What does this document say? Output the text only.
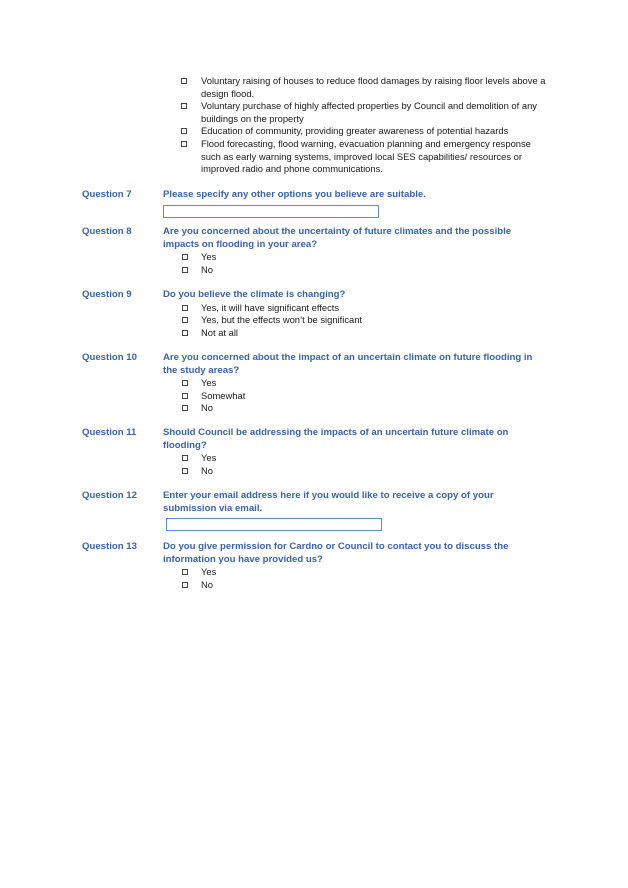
Voluntary raising of houses to reduce flood damages by raising floor levels above a design flood.
Voluntary purchase of highly affected properties by Council and demolition of any buildings on the property
Education of community, providing greater awareness of potential hazards
Flood forecasting, flood warning, evacuation planning and emergency response such as early warning systems, improved local SES capabilities/ resources or improved radio and phone communications.
Question 7	Please specify any other options you believe are suitable.

Question 8	Are you concerned about the uncertainty of future climates and the possible impacts on flooding in your area?

Yes
No
Question 9	Do you believe the climate is changing?

Yes, it will have significant effects
Yes, but the effects won’t be significant
Not at all
Question 10	Are you concerned about the impact of an uncertain climate on future flooding in the study areas?

Yes
Somewhat
No
Question 11	Should Council be addressing the impacts of an uncertain future climate on flooding?

Yes
No
Question 12	Enter your email address here if you would like to receive a copy of your submission via email.

Question 13	Do you give permission for Cardno or Council to contact you to discuss the information you have provided us?

Yes
No
